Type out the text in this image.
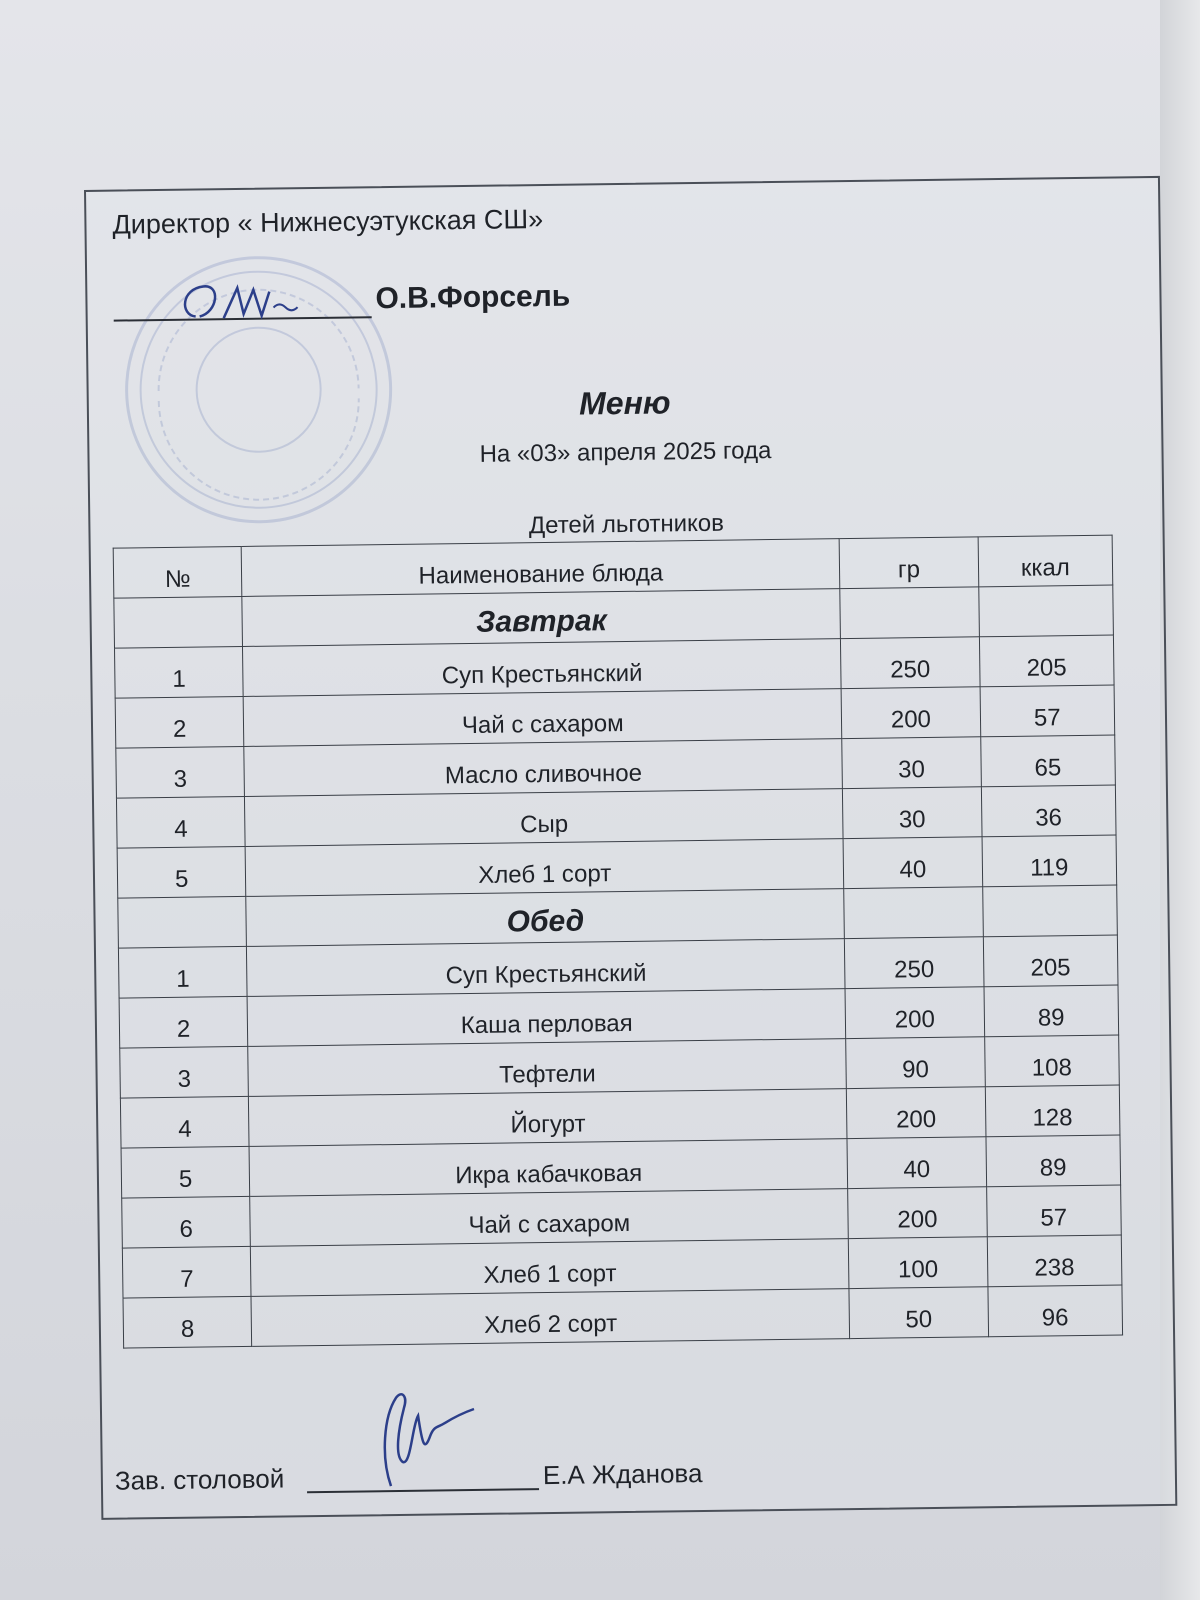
Директор « Нижнесуэтукская СШ»

О.В.Форсель

Меню

На «03» апреля 2025 года

Детей льготников

№	Наименование блюда	гр	ккал
	Завтрак		
1	Суп Крестьянский	250	205
2	Чай с сахаром	200	57
3	Масло сливочное	30	65
4	Сыр	30	36
5	Хлеб 1 сорт	40	119
	Обед		
1	Суп Крестьянский	250	205
2	Каша перловая	200	89
3	Тефтели	90	108
4	Йогурт	200	128
5	Икра кабачковая	40	89
6	Чай с сахаром	200	57
7	Хлеб 1 сорт	100	238
8	Хлеб 2 сорт	50	96

Зав. столовой	Е.А Жданова
